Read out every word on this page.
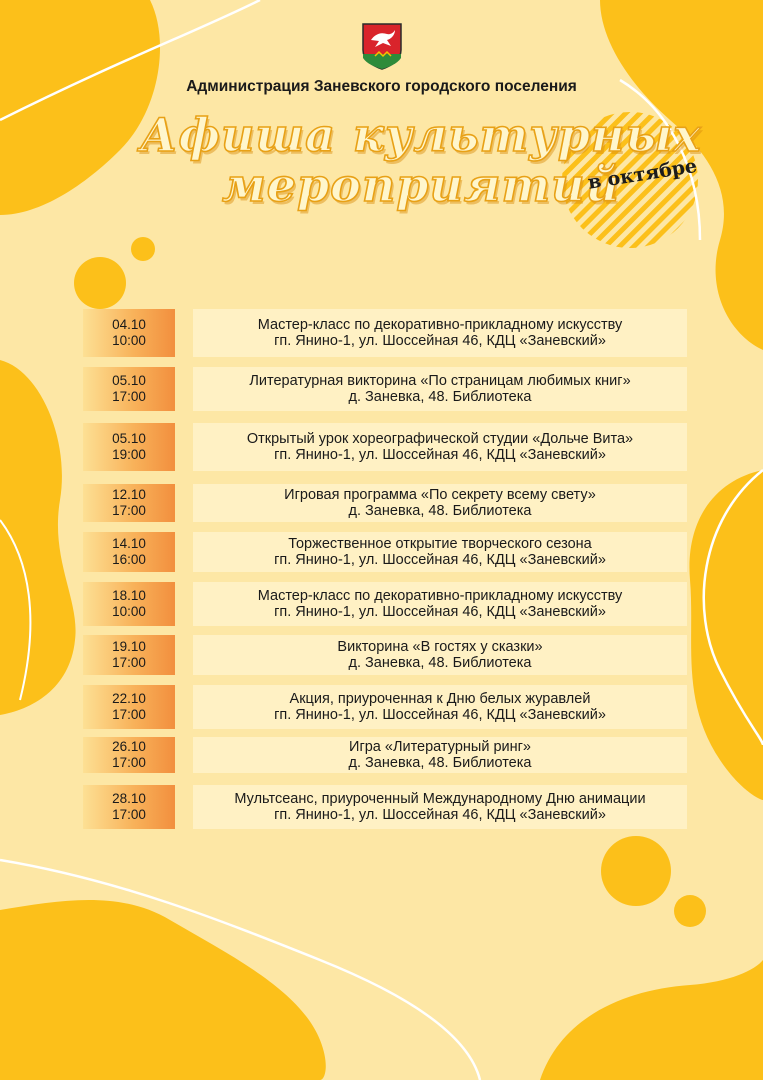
Администрация Заневского городского поселения
Афиша культурных
мероприятий
в октябре
04.10
10:00
Мастер-класс по декоративно-прикладному искусству
гп. Янино-1, ул. Шоссейная 46, КДЦ «Заневский»
05.10
17:00
Литературная викторина «По страницам любимых книг»
д. Заневка, 48. Библиотека
05.10
19:00
Открытый урок хореографической студии «Дольче Вита»
гп. Янино-1, ул. Шоссейная 46, КДЦ «Заневский»
12.10
17:00
Игровая программа «По секрету всему свету»
д. Заневка, 48. Библиотека
14.10
16:00
Торжественное открытие творческого сезона
гп. Янино-1, ул. Шоссейная 46, КДЦ «Заневский»
18.10
10:00
Мастер-класс по декоративно-прикладному искусству
гп. Янино-1, ул. Шоссейная 46, КДЦ «Заневский»
19.10
17:00
Викторина «В гостях у сказки»
д. Заневка, 48. Библиотека
22.10
17:00
Акция, приуроченная к Дню белых журавлей
гп. Янино-1, ул. Шоссейная 46, КДЦ «Заневский»
26.10
17:00
Игра «Литературный ринг»
д. Заневка, 48. Библиотека
28.10
17:00
Мультсеанс, приуроченный Международному Дню анимации
гп. Янино-1, ул. Шоссейная 46, КДЦ «Заневский»
